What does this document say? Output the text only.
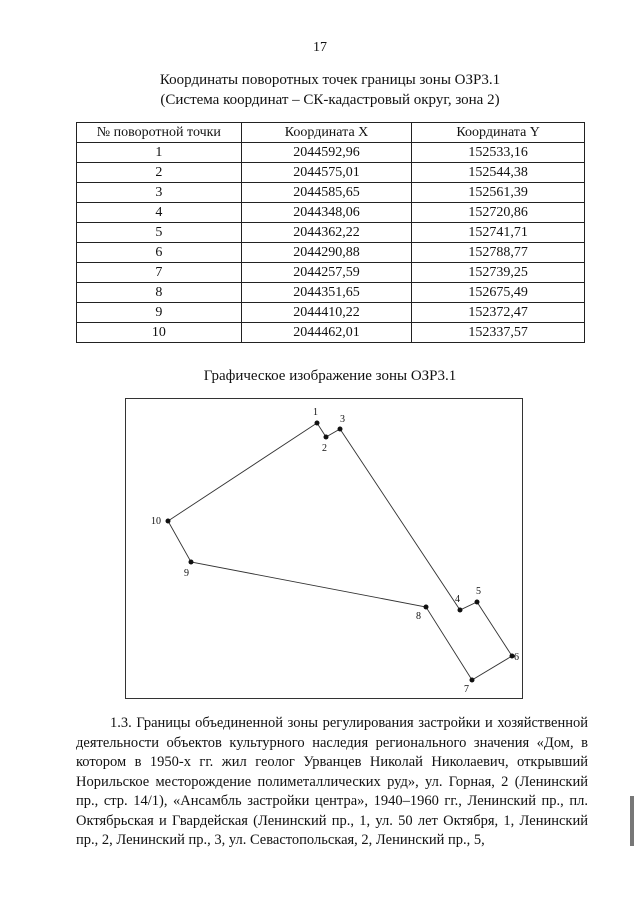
17
Координаты поворотных точек границы зоны ОЗР3.1
(Система координат – СК-кадастровый округ, зона 2)
№ поворотной точки	Координата X	Координата Y
1	2044592,96	152533,16
2	2044575,01	152544,38
3	2044585,65	152561,39
4	2044348,06	152720,86
5	2044362,22	152741,71
6	2044290,88	152788,77
7	2044257,59	152739,25
8	2044351,65	152675,49
9	2044410,22	152372,47
10	2044462,01	152337,57
Графическое изображение зоны ОЗР3.1
1
2
3
4
5
6
7
8
9
10

1.3. Границы объединенной зоны регулирования застройки и хозяйственной деятельности объектов культурного наследия регионального значения «Дом, в котором в 1950-х гг. жил геолог Урванцев Николай Николаевич, открывший Норильское месторождение полиметаллических руд», ул. Горная, 2 (Ленинский пр., стр. 14/1), «Ансамбль застройки центра», 1940–1960 гг., Ленинский пр., пл. Октябрьская и Гвардейская (Ленинский пр., 1, ул. 50 лет Октября, 1, Ленинский пр., 2, Ленинский пр., 3, ул. Севастопольская, 2, Ленинский пр., 5,
